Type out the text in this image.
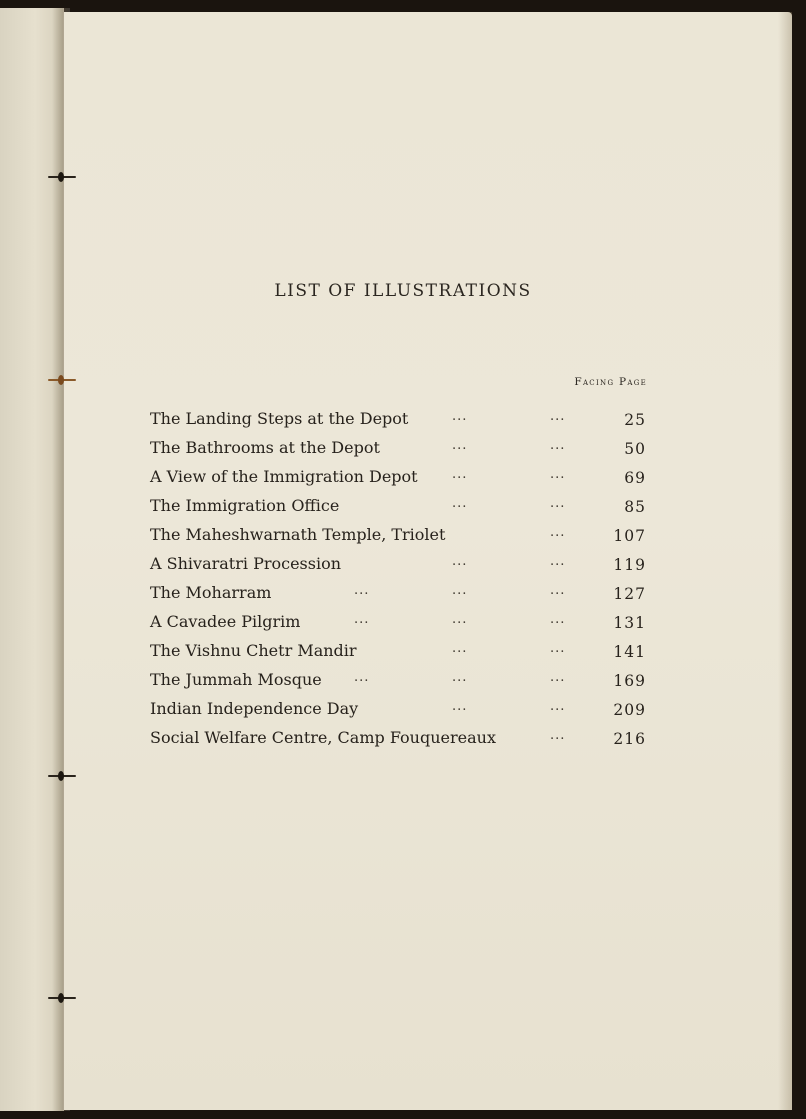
LIST OF ILLUSTRATIONS
Facing Page
The Landing Steps at the Depot	...	...	25
The Bathrooms at the Depot	...	...	50
A View of the Immigration Depot	...	...	69
The Immigration Office	...	...	85
The Maheshwarnath Temple, Triolet	...	107
A Shivaratri Procession	...	...	119
The Moharram	...	...	...	127
A Cavadee Pilgrim	...	...	...	131
The Vishnu Chetr Mandir	...	...	141
The Jummah Mosque ...	...	...	169
Indian Independence Day	...	...	209
Social Welfare Centre, Camp Fouquereaux	...	216
